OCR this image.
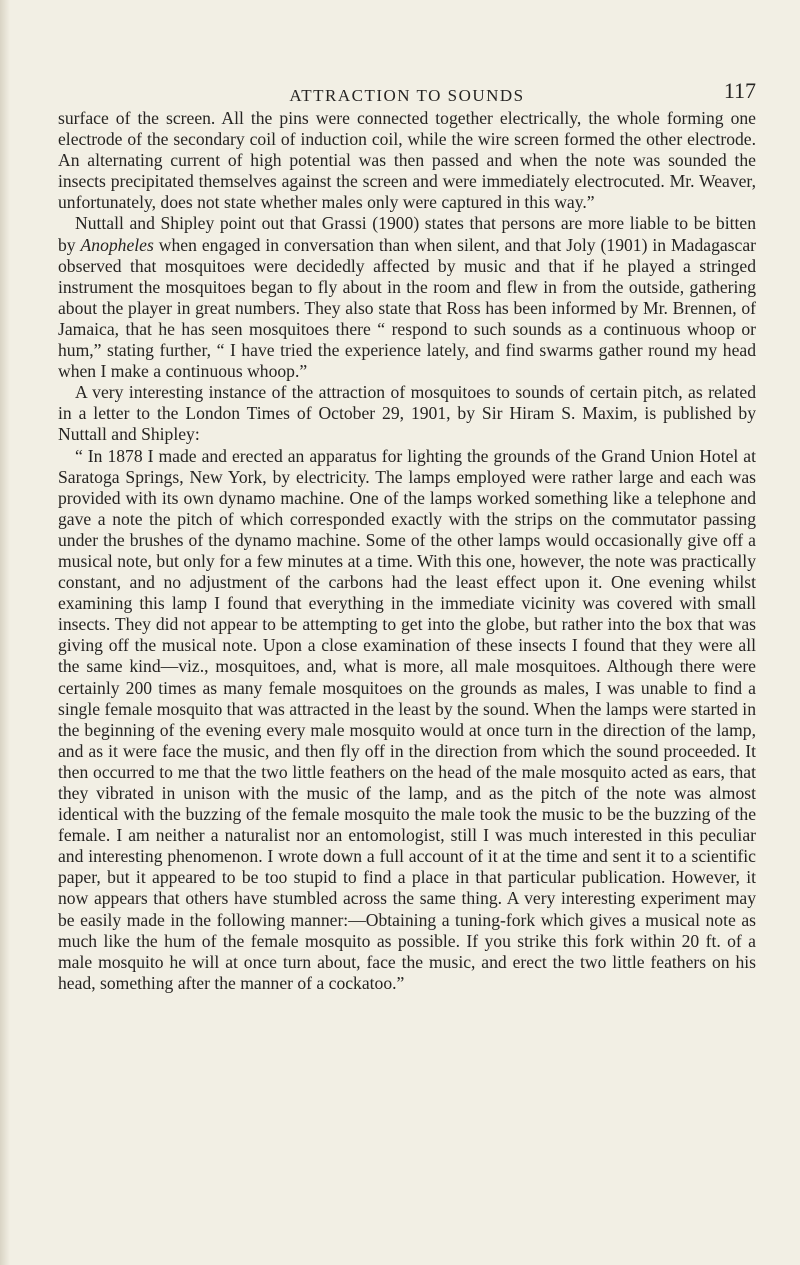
ATTRACTION TO SOUNDS	117

surface of the screen. All the pins were connected together electrically, the whole forming one electrode of the secondary coil of induction coil, while the wire screen formed the other electrode. An alternating current of high potential was then passed and when the note was sounded the insects precipitated themselves against the screen and were immediately electrocuted. Mr. Weaver, unfortunately, does not state whether males only were captured in this way.”

Nuttall and Shipley point out that Grassi (1900) states that persons are more liable to be bitten by Anopheles when engaged in conversation than when silent, and that Joly (1901) in Madagascar observed that mosquitoes were decidedly affected by music and that if he played a stringed instrument the mosquitoes began to fly about in the room and flew in from the outside, gathering about the player in great numbers. They also state that Ross has been informed by Mr. Brennen, of Jamaica, that he has seen mosquitoes there “ respond to such sounds as a continuous whoop or hum,” stating further, “ I have tried the experience lately, and find swarms gather round my head when I make a continuous whoop.”

A very interesting instance of the attraction of mosquitoes to sounds of certain pitch, as related in a letter to the London Times of October 29, 1901, by Sir Hiram S. Maxim, is published by Nuttall and Shipley:

“ In 1878 I made and erected an apparatus for lighting the grounds of the Grand Union Hotel at Saratoga Springs, New York, by electricity. The lamps employed were rather large and each was provided with its own dynamo machine. One of the lamps worked something like a telephone and gave a note the pitch of which corresponded exactly with the strips on the commutator passing under the brushes of the dynamo machine. Some of the other lamps would occasionally give off a musical note, but only for a few minutes at a time. With this one, however, the note was practically constant, and no adjustment of the carbons had the least effect upon it. One evening whilst examining this lamp I found that everything in the immediate vicinity was covered with small insects. They did not appear to be attempting to get into the globe, but rather into the box that was giving off the musical note. Upon a close examination of these insects I found that they were all the same kind—viz., mosquitoes, and, what is more, all male mosquitoes. Although there were certainly 200 times as many female mosquitoes on the grounds as males, I was unable to find a single female mosquito that was attracted in the least by the sound. When the lamps were started in the beginning of the evening every male mosquito would at once turn in the direction of the lamp, and as it were face the music, and then fly off in the direction from which the sound proceeded. It then occurred to me that the two little feathers on the head of the male mosquito acted as ears, that they vibrated in unison with the music of the lamp, and as the pitch of the note was almost identical with the buzzing of the female mosquito the male took the music to be the buzzing of the female. I am neither a naturalist nor an entomologist, still I was much interested in this peculiar and interesting phenomenon. I wrote down a full account of it at the time and sent it to a scientific paper, but it appeared to be too stupid to find a place in that particular publication. However, it now appears that others have stumbled across the same thing. A very interesting experiment may be easily made in the following manner:—Obtaining a tuning-fork which gives a musical note as much like the hum of the female mosquito as possible. If you strike this fork within 20 ft. of a male mosquito he will at once turn about, face the music, and erect the two little feathers on his head, something after the manner of a cockatoo.”
